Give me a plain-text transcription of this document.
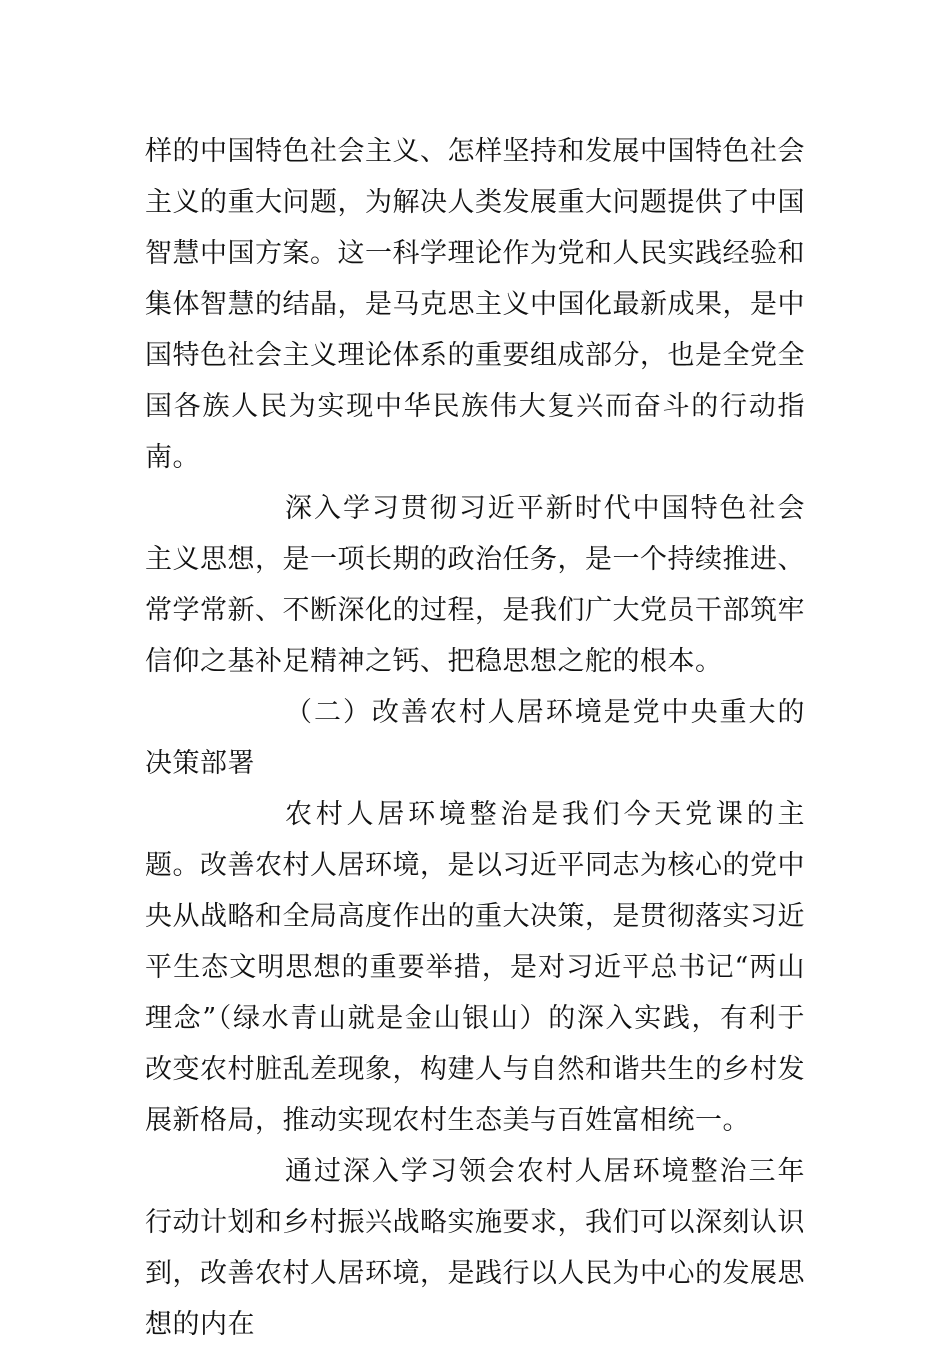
样的中国特色社会主义、怎样坚持和发展中国特色社会主义的重大问题，为解决人类发展重大问题提供了中国智慧中国方案。这一科学理论作为党和人民实践经验和集体智慧的结晶，是马克思主义中国化最新成果，是中国特色社会主义理论体系的重要组成部分，也是全党全国各族人民为实现中华民族伟大复兴而奋斗的行动指南。

深入学习贯彻习近平新时代中国特色社会主义思想，是一项长期的政治任务，是一个持续推进、常学常新、不断深化的过程，是我们广大党员干部筑牢信仰之基补足精神之钙、把稳思想之舵的根本。

（二）改善农村人居环境是党中央重大的决策部署

农村人居环境整治是我们今天党课的主题。改善农村人居环境，是以习近平同志为核心的党中央从战略和全局高度作出的重大决策，是贯彻落实习近平生态文明思想的重要举措，是对习近平总书记“两山理念”（绿水青山就是金山银山）的深入实践，有利于改变农村脏乱差现象，构建人与自然和谐共生的乡村发展新格局，推动实现农村生态美与百姓富相统一。

通过深入学习领会农村人居环境整治三年行动计划和乡村振兴战略实施要求，我们可以深刻认识到，改善农村人居环境，是践行以人民为中心的发展思想的内在
